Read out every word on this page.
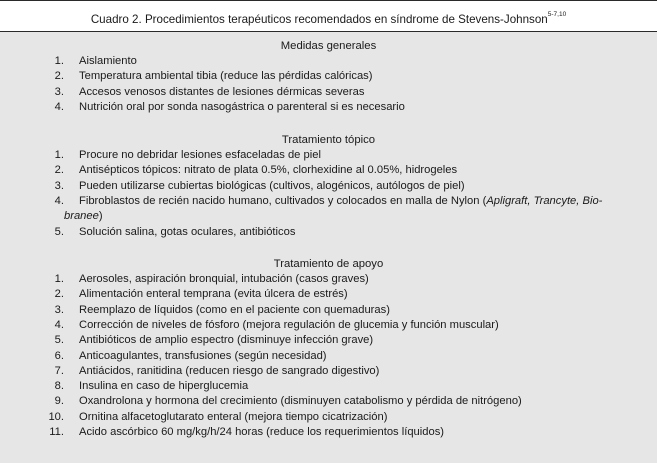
Cuadro 2. Procedimientos terapéuticos recomendados en síndrome de Stevens-Johnson$^{5-7,10}$
Medidas generales
1. Aislamiento
2. Temperatura ambiental tibia (reduce las pérdidas calóricas)
3. Accesos venosos distantes de lesiones dérmicas severas
4. Nutrición oral por sonda nasogástrica o parenteral si es necesario
Tratamiento tópico
1. Procure no debridar lesiones esfaceladas de piel
2. Antisépticos tópicos: nitrato de plata 0.5%, clorhexidine al 0.05%, hidrogeles
3. Pueden utilizarse cubiertas biológicas (cultivos, alogénicos, autólogos de piel)
4. Fibroblastos de recién nacido humano, cultivados y colocados en malla de Nylon (Apligraft, Trancyte, Bio-
branee)
5. Solución salina, gotas oculares, antibióticos
Tratamiento de apoyo
1. Aerosoles, aspiración bronquial, intubación (casos graves)
2. Alimentación enteral temprana (evita úlcera de estrés)
3. Reemplazo de líquidos (como en el paciente con quemaduras)
4. Corrección de niveles de fósforo (mejora regulación de glucemia y función muscular)
5. Antibióticos de amplio espectro (disminuye infección grave)
6. Anticoagulantes, transfusiones (según necesidad)
7. Antiácidos, ranitidina (reducen riesgo de sangrado digestivo)
8. Insulina en caso de hiperglucemia
9. Oxandrolona y hormona del crecimiento (disminuyen catabolismo y pérdida de nitrógeno)
10. Ornitina alfacetoglutarato enteral (mejora tiempo cicatrización)
11. Acido ascórbico 60 mg/kg/h/24 horas (reduce los requerimientos líquidos)
